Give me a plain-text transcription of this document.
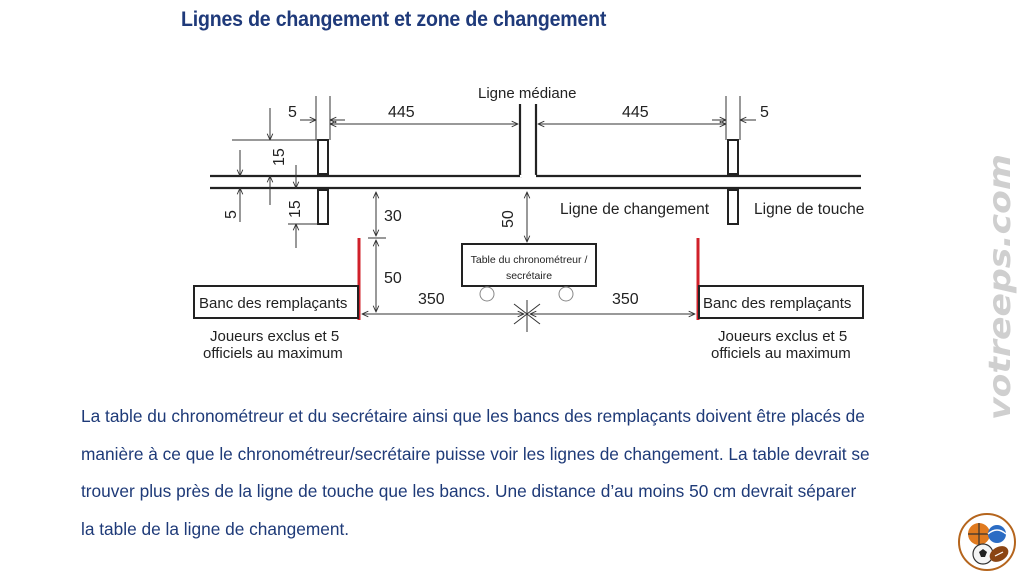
Lignes de changement et zone de changement
Ligne médiane
5	445	445	5
15
15
5	30
50
50
Ligne de changement	Ligne de touche
Table du chronométreur /
secrétaire
Banc des remplaçants	Banc des remplaçants
350	350
Joueurs exclus et 5
officiels au maximum
Joueurs exclus et 5
officiels au maximum
La table du chronométreur et du secrétaire ainsi que les bancs des remplaçants doivent être placés de
manière à ce que le chronométreur/secrétaire puisse voir les lignes de changement. La table devrait se
trouver plus près de la ligne de touche que les bancs. Une distance d’au moins 50 cm devrait séparer
la table de la ligne de changement.
votreeps.com
